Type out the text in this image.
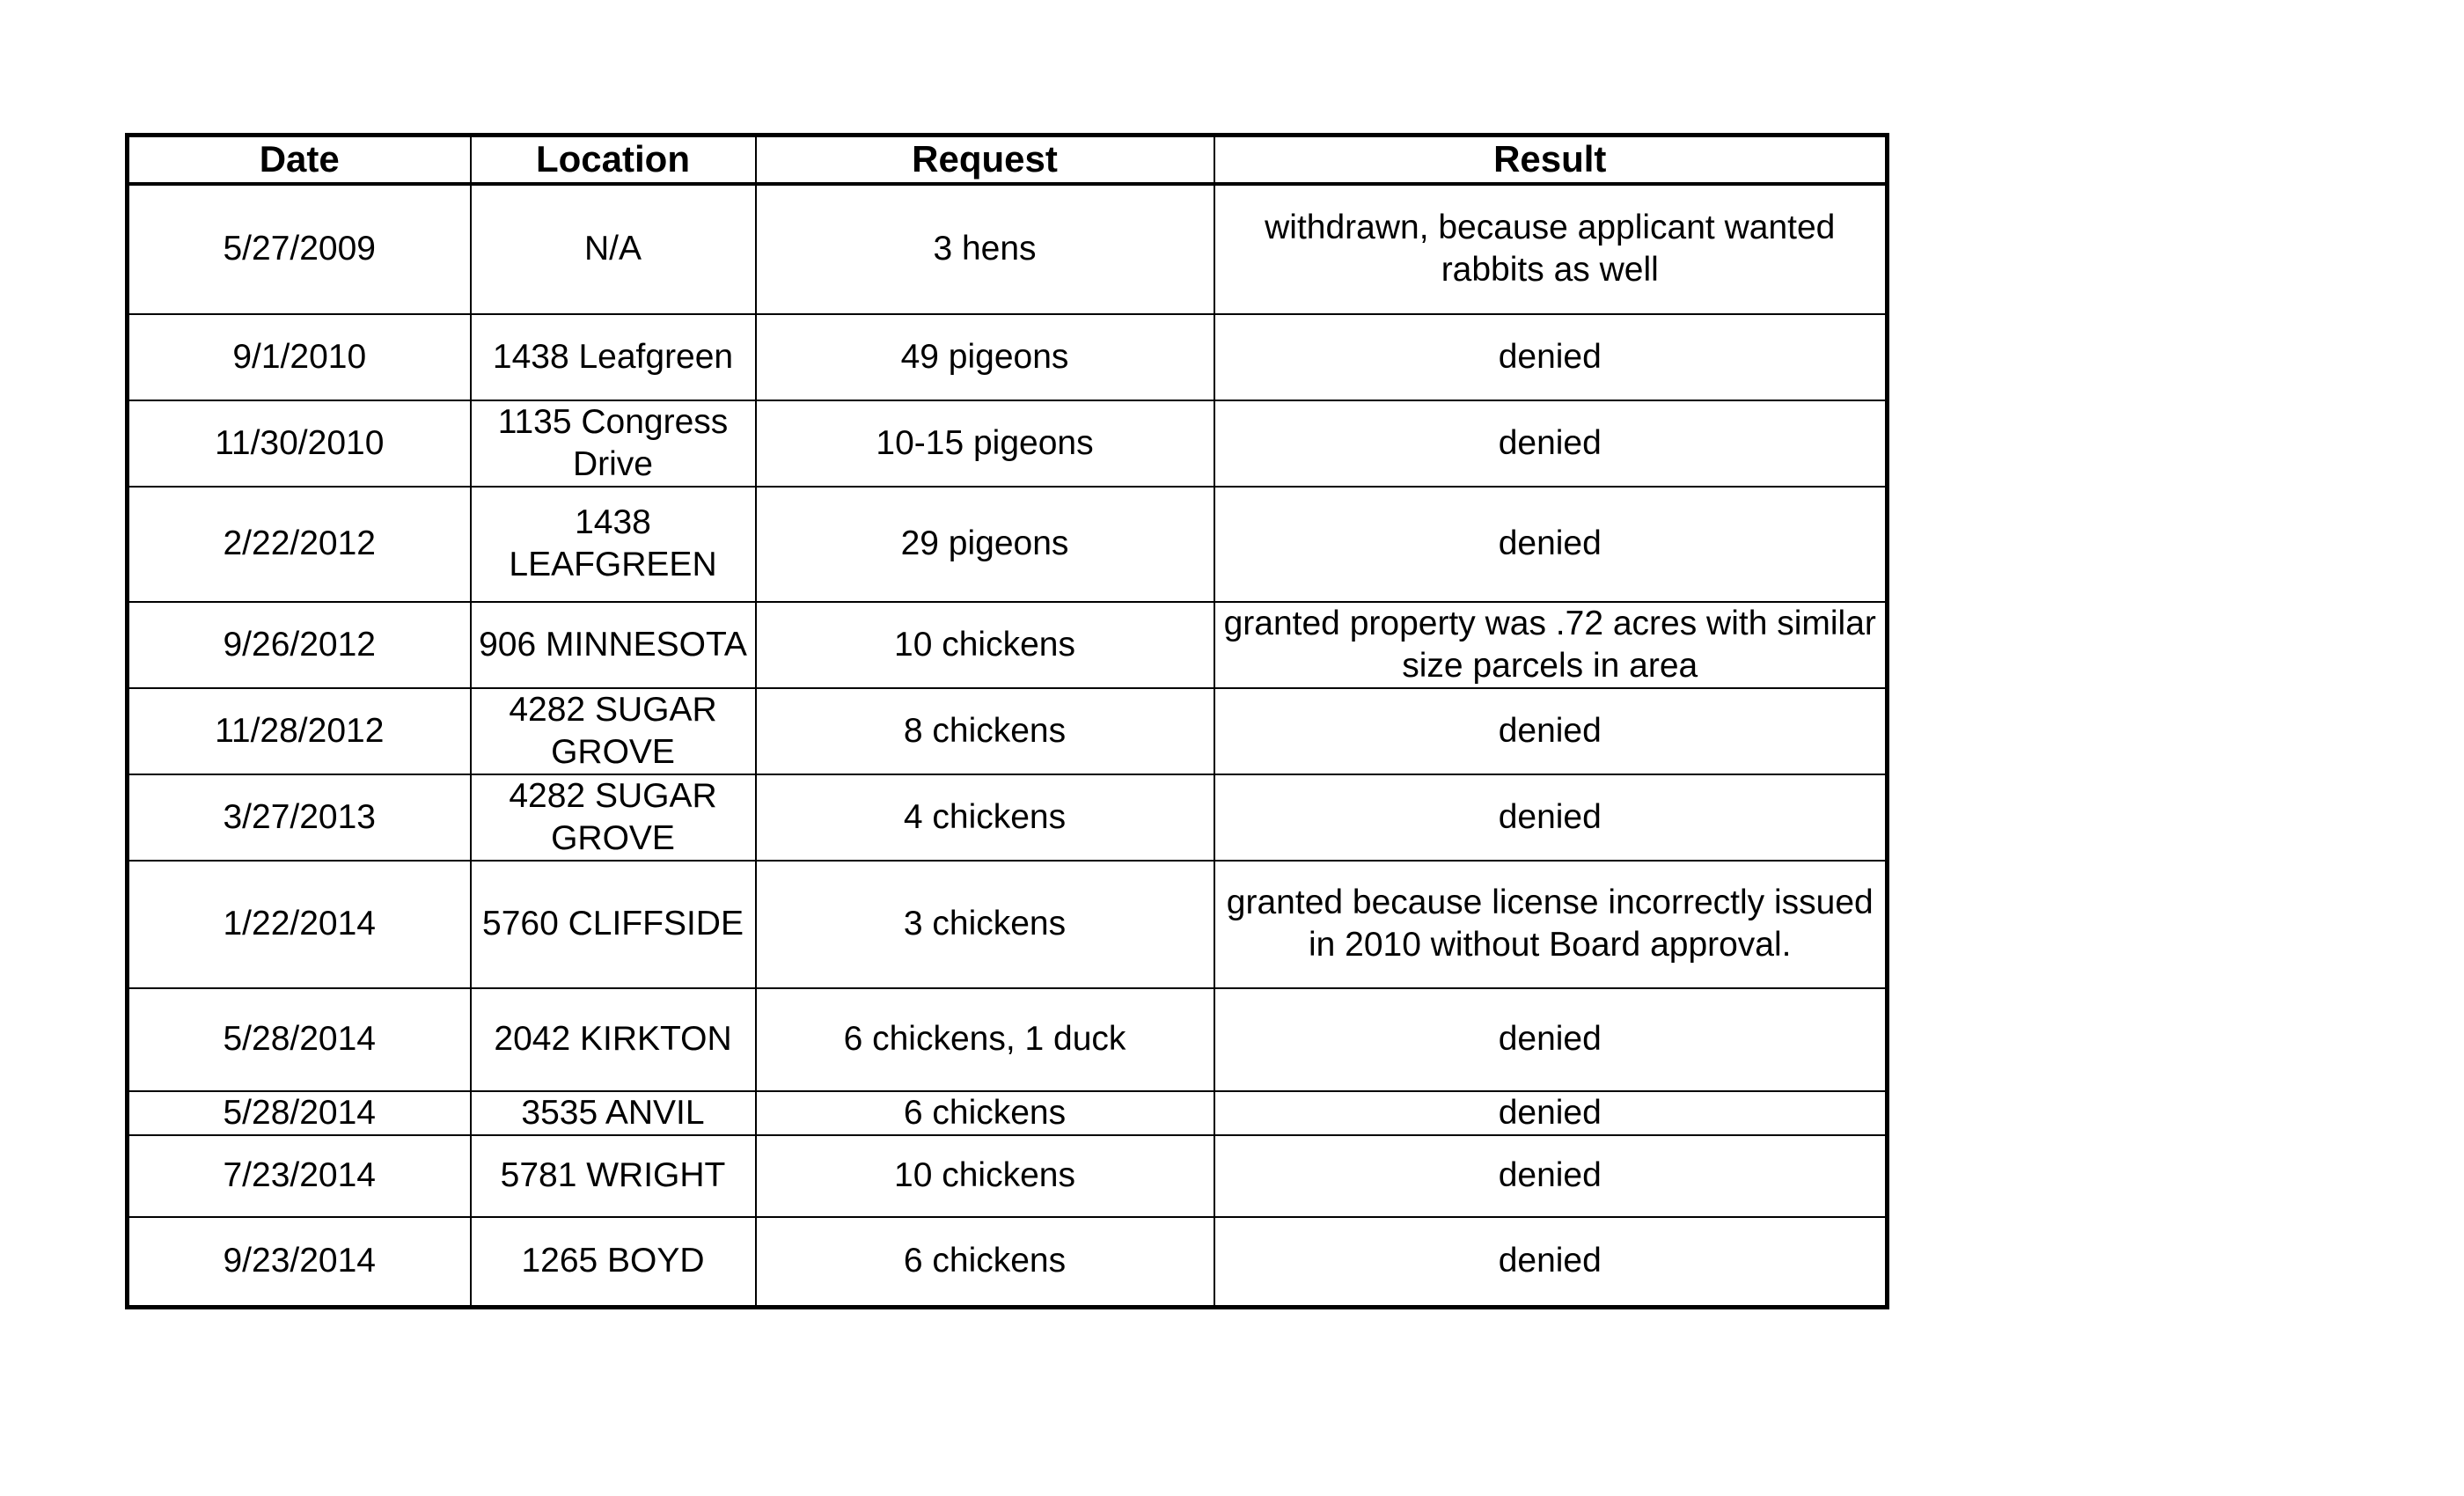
Date	Location	Request	Result
5/27/2009	N/A	3 hens	withdrawn, because applicant wanted rabbits as well
9/1/2010	1438 Leafgreen	49 pigeons	denied
11/30/2010	1135 Congress Drive	10-15 pigeons	denied
2/22/2012	1438 LEAFGREEN	29 pigeons	denied
9/26/2012	906 MINNESOTA	10 chickens	granted property was .72 acres with similar size parcels in area
11/28/2012	4282 SUGAR GROVE	8 chickens	denied
3/27/2013	4282 SUGAR GROVE	4 chickens	denied
1/22/2014	5760 CLIFFSIDE	3 chickens	granted because license incorrectly issued in 2010 without Board approval.
5/28/2014	2042 KIRKTON	6 chickens, 1 duck	denied
5/28/2014	3535 ANVIL	6 chickens	denied
7/23/2014	5781 WRIGHT	10 chickens	denied
9/23/2014	1265 BOYD	6 chickens	denied
